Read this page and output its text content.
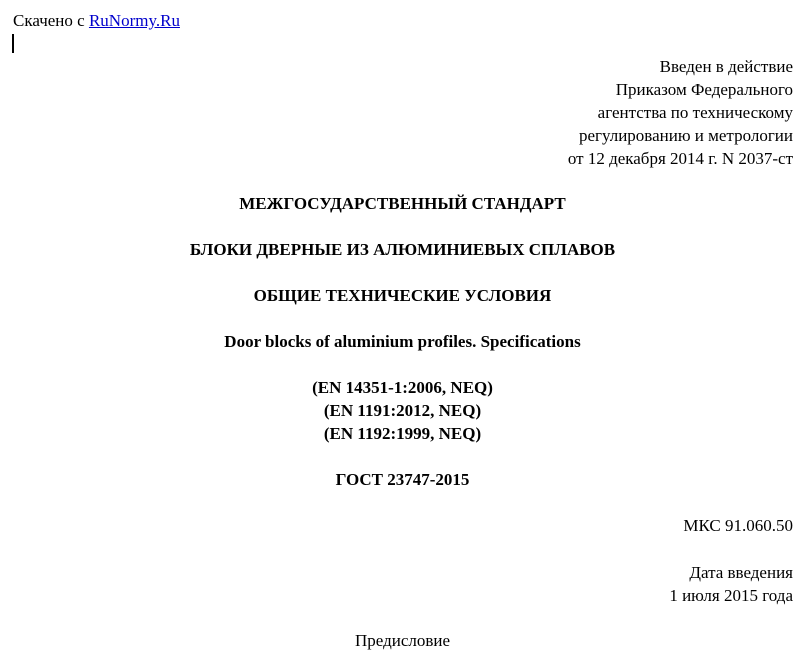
Скачено с RuNormy.Ru
Введен в действие
Приказом Федерального
агентства по техническому
регулированию и метрологии
от 12 декабря 2014 г. N 2037-ст
МЕЖГОСУДАРСТВЕННЫЙ СТАНДАРТ
БЛОКИ ДВЕРНЫЕ ИЗ АЛЮМИНИЕВЫХ СПЛАВОВ
ОБЩИЕ ТЕХНИЧЕСКИЕ УСЛОВИЯ
Door blocks of aluminium profiles. Specifications
(EN 14351-1:2006, NEQ)
(EN 1191:2012, NEQ)
(EN 1192:1999, NEQ)
ГОСТ 23747-2015
МКС 91.060.50
Дата введения
1 июля 2015 года
Предисловие
